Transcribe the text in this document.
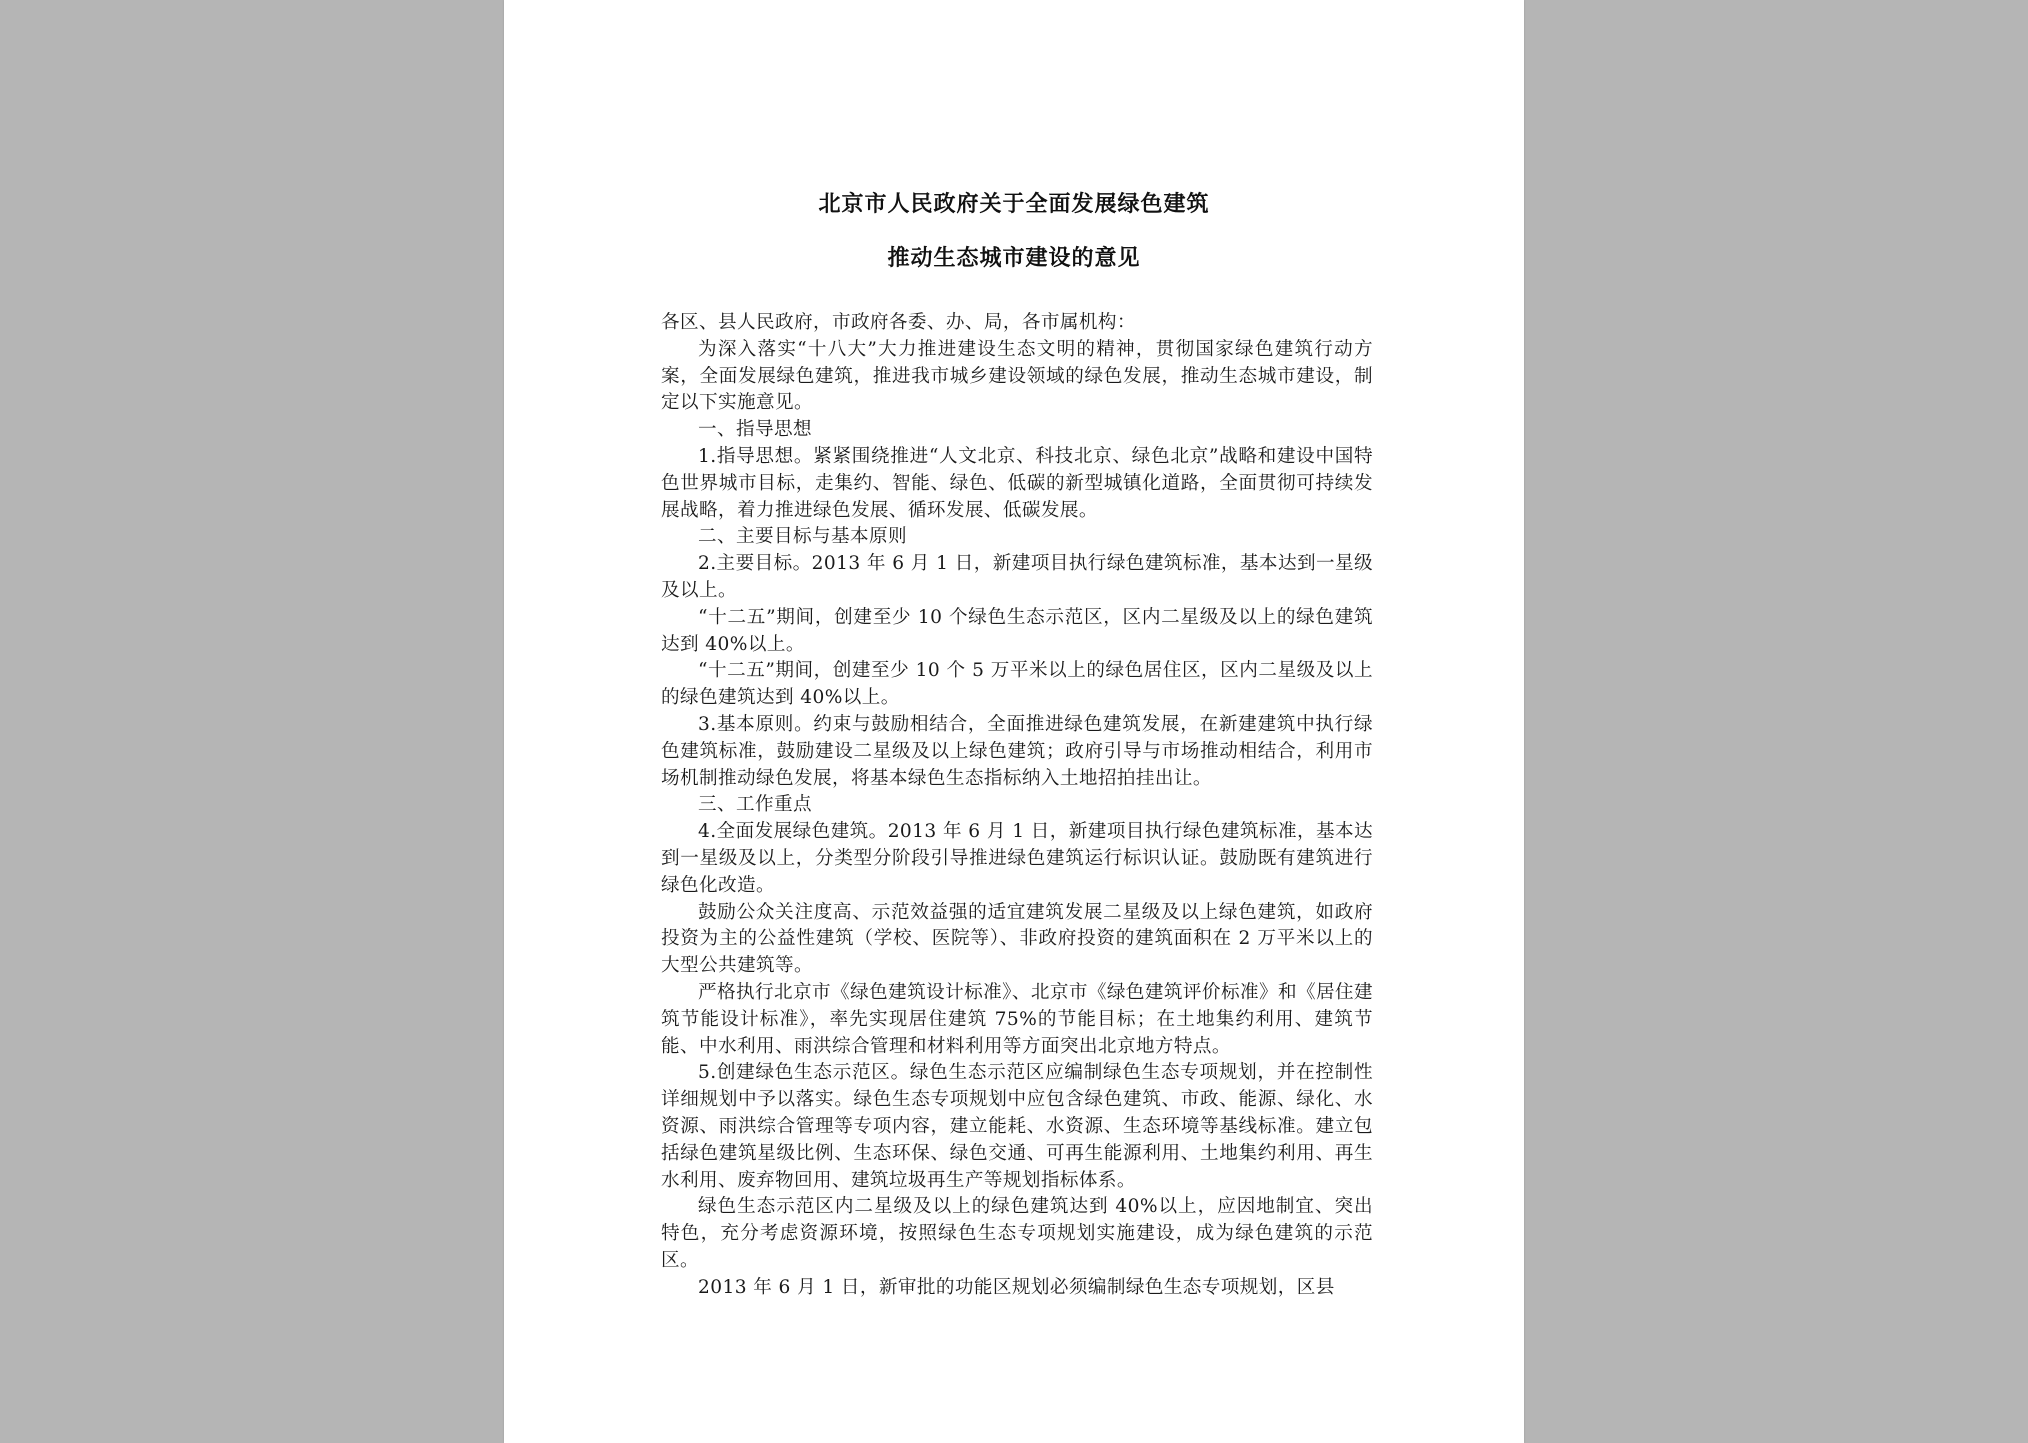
北京市人民政府关于全面发展绿色建筑
推动生态城市建设的意见

各区、县人民政府，市政府各委、办、局，各市属机构：

为深入落实“十八大”大力推进建设生态文明的精神，贯彻国家绿色建筑行动方案，全面发展绿色建筑，推进我市城乡建设领域的绿色发展，推动生态城市建设，制定以下实施意见。

一、指导思想

1.指导思想。紧紧围绕推进“人文北京、科技北京、绿色北京”战略和建设中国特色世界城市目标，走集约、智能、绿色、低碳的新型城镇化道路，全面贯彻可持续发展战略，着力推进绿色发展、循环发展、低碳发展。

二、主要目标与基本原则

2.主要目标。2013 年 6 月 1 日，新建项目执行绿色建筑标准，基本达到一星级及以上。

“十二五”期间，创建至少 10 个绿色生态示范区，区内二星级及以上的绿色建筑达到 40%以上。

“十二五”期间，创建至少 10 个 5 万平米以上的绿色居住区，区内二星级及以上的绿色建筑达到 40%以上。

3.基本原则。约束与鼓励相结合，全面推进绿色建筑发展，在新建建筑中执行绿色建筑标准，鼓励建设二星级及以上绿色建筑；政府引导与市场推动相结合，利用市场机制推动绿色发展，将基本绿色生态指标纳入土地招拍挂出让。

三、工作重点

4.全面发展绿色建筑。2013 年 6 月 1 日，新建项目执行绿色建筑标准，基本达到一星级及以上，分类型分阶段引导推进绿色建筑运行标识认证。鼓励既有建筑进行绿色化改造。

鼓励公众关注度高、示范效益强的适宜建筑发展二星级及以上绿色建筑，如政府投资为主的公益性建筑（学校、医院等）、非政府投资的建筑面积在 2 万平米以上的大型公共建筑等。

严格执行北京市《绿色建筑设计标准》、北京市《绿色建筑评价标准》和《居住建筑节能设计标准》，率先实现居住建筑 75%的节能目标；在土地集约利用、建筑节能、中水利用、雨洪综合管理和材料利用等方面突出北京地方特点。

5.创建绿色生态示范区。绿色生态示范区应编制绿色生态专项规划，并在控制性详细规划中予以落实。绿色生态专项规划中应包含绿色建筑、市政、能源、绿化、水资源、雨洪综合管理等专项内容，建立能耗、水资源、生态环境等基线标准。建立包括绿色建筑星级比例、生态环保、绿色交通、可再生能源利用、土地集约利用、再生水利用、废弃物回用、建筑垃圾再生产等规划指标体系。

绿色生态示范区内二星级及以上的绿色建筑达到 40%以上，应因地制宜、突出特色，充分考虑资源环境，按照绿色生态专项规划实施建设，成为绿色建筑的示范区。

2013 年 6 月 1 日，新审批的功能区规划必须编制绿色生态专项规划，区县
